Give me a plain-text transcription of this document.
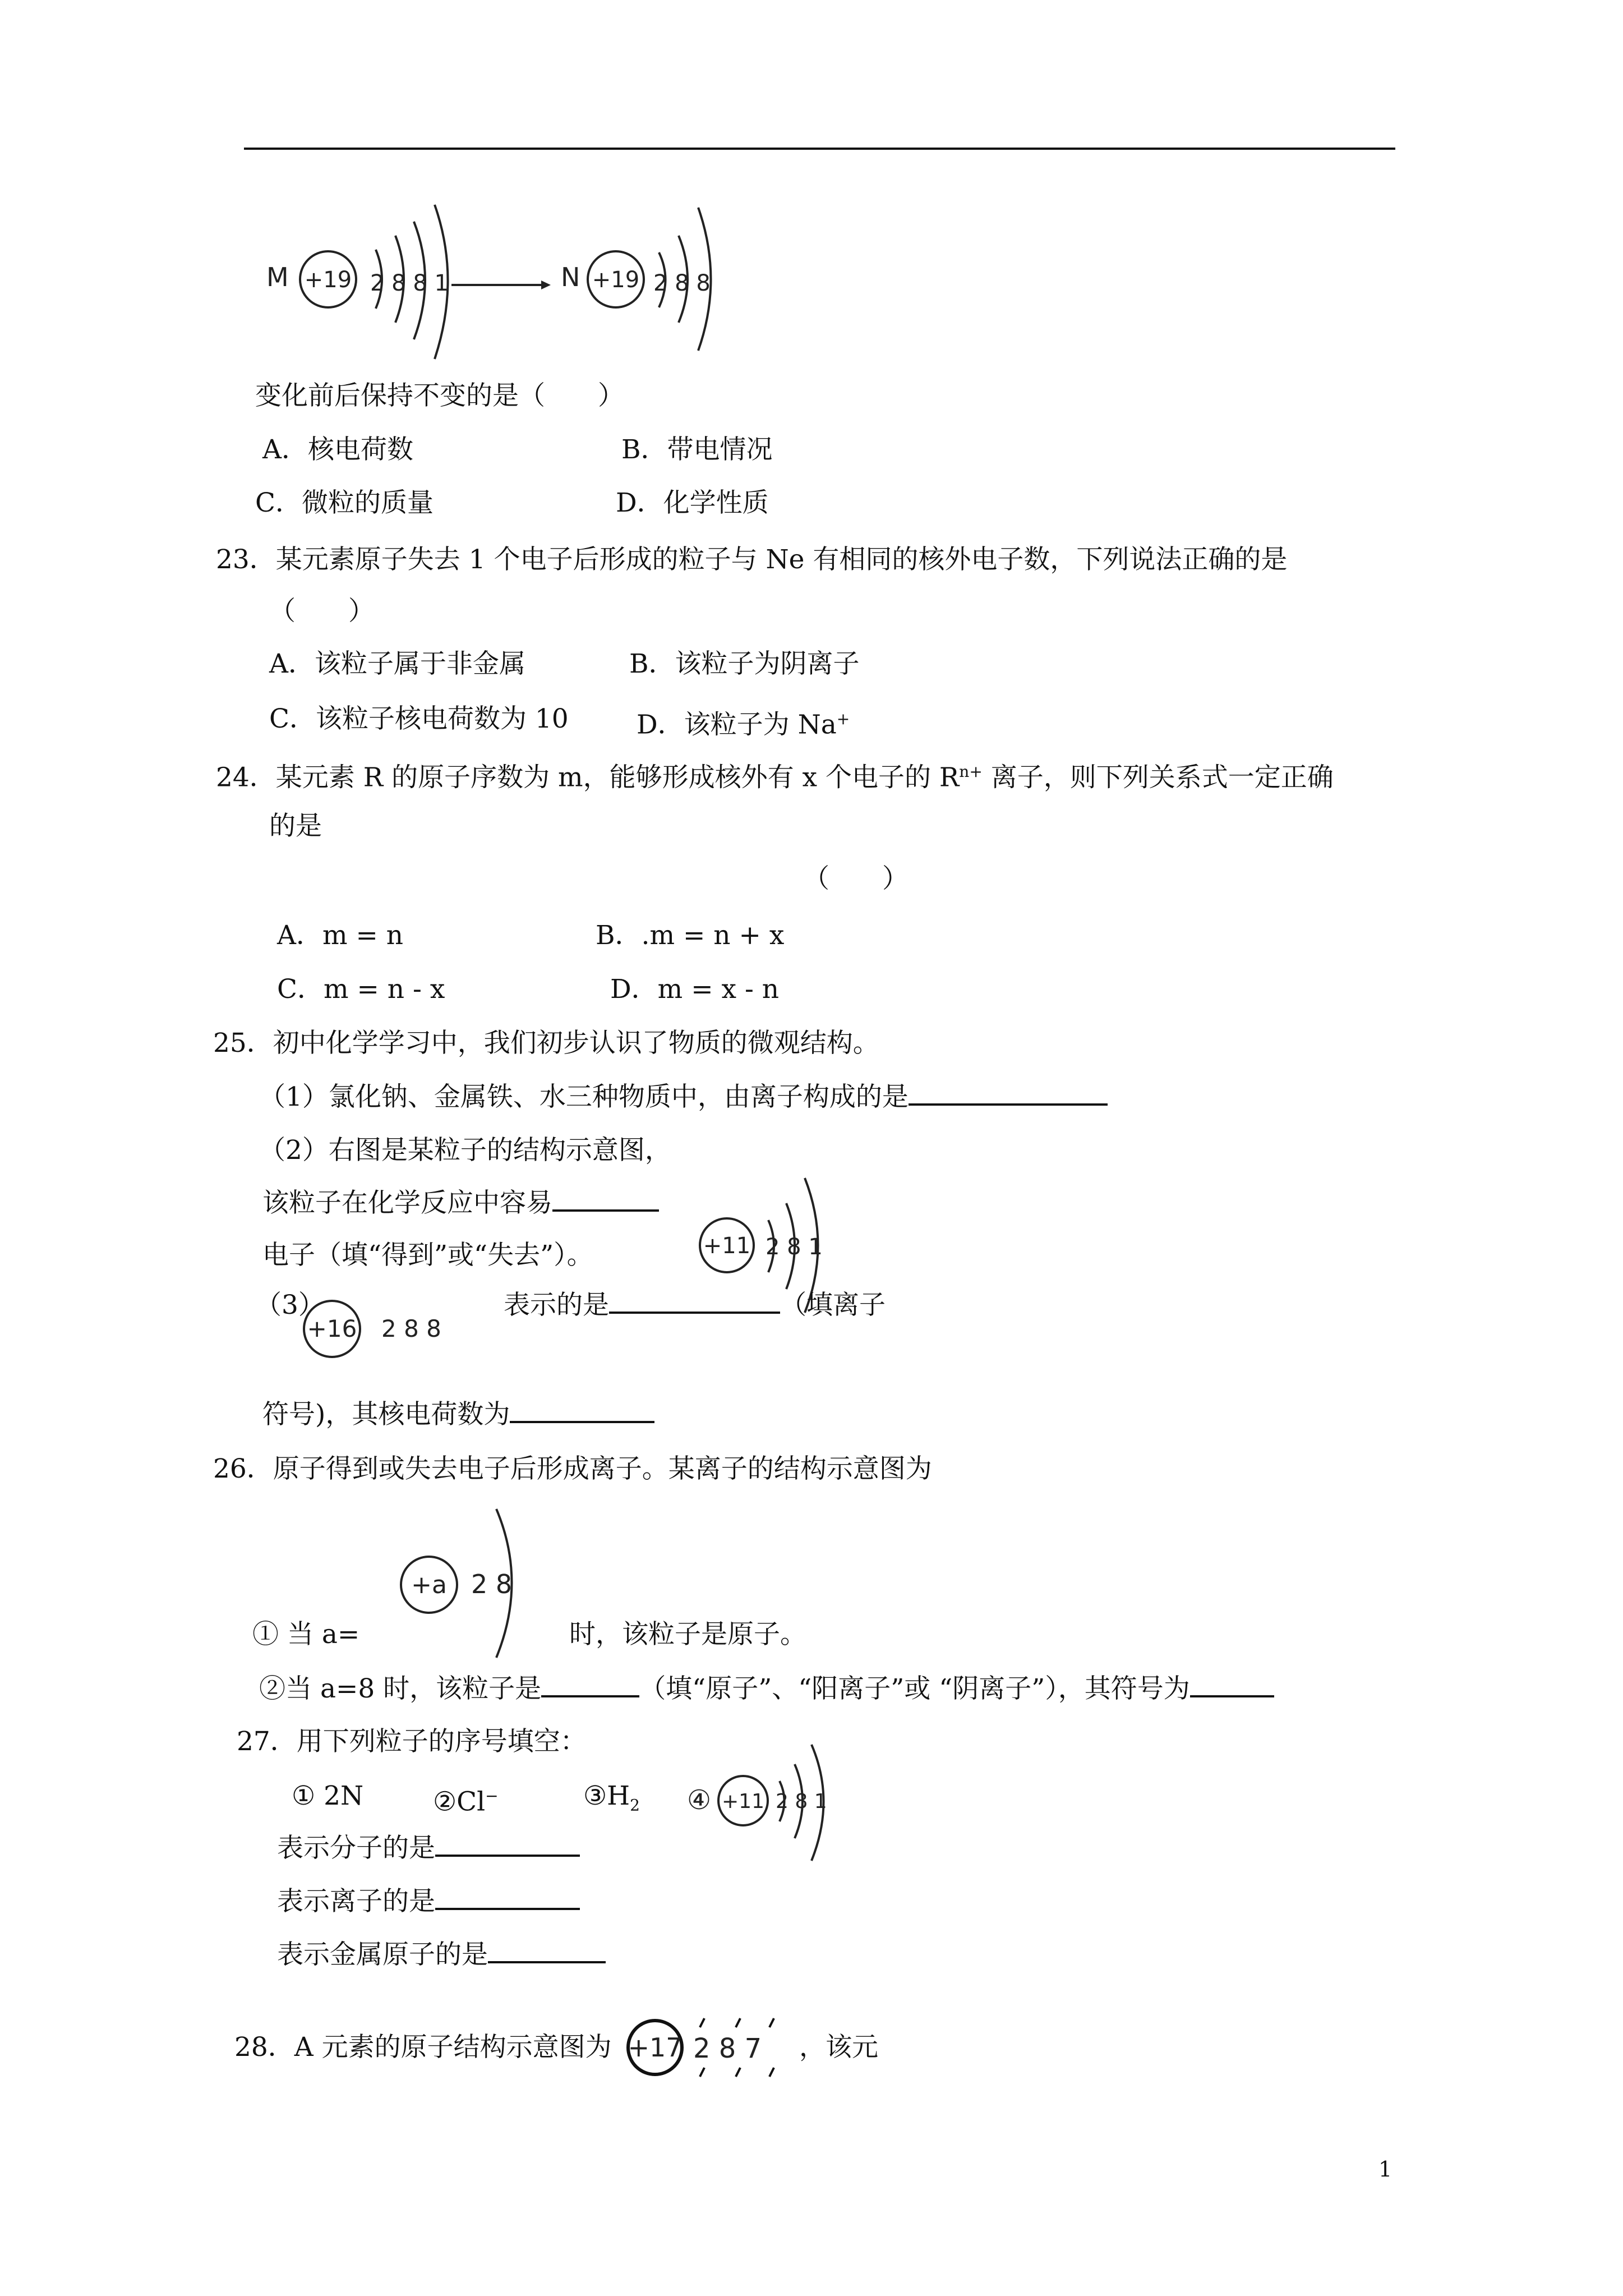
M +19 2 8 8 1	N +19 2 8 8
变化前后保持不变的是（　　）
A．核电荷数	B．带电情况
C．微粒的质量	D．化学性质
23．某元素原子失去 1 个电子后形成的粒子与 Ne 有相同的核外电子数，下列说法正确的是
（　　）
A．该粒子属于非金属	B．该粒子为阴离子
C．该粒子核电荷数为 10	D．该粒子为 Na+
24．某元素 R 的原子序数为 m，能够形成核外有 x 个电子的 $R^{n+}$ 离子，则下列关系式一定正确
的是
（　　）
A．m = n	B．.m = n + x
C．m = n - x	D．m = x - n
25．初中化学学习中，我们初步认识了物质的微观结构。
（1）氯化钠、金属铁、水三种物质中，由离子构成的是
（2）右图是某粒子的结构示意图，
该粒子在化学反应中容易
电子（填“得到”或“失去”）。	+11 2 8 1
（3）
+16 2 8 8
表示的是	（填离子
符号)，其核电荷数为
26．原子得到或失去电子后形成离子。某离子的结构示意图为
+a 2 8
① 当 a=	时，该粒子是原子。
②当 a=8 时，该粒子是	（填“原子”、“阳离子”或 “阴离子”），其符号为
27．用下列粒子的序号填空：
① 2N	②Cl−	$③H_2$ ④ +11 2 8 1
表示分子的是
表示离子的是
表示金属原子的是
28．A 元素的原子结构示意图为 +17 2 8 7 ，该元
1
